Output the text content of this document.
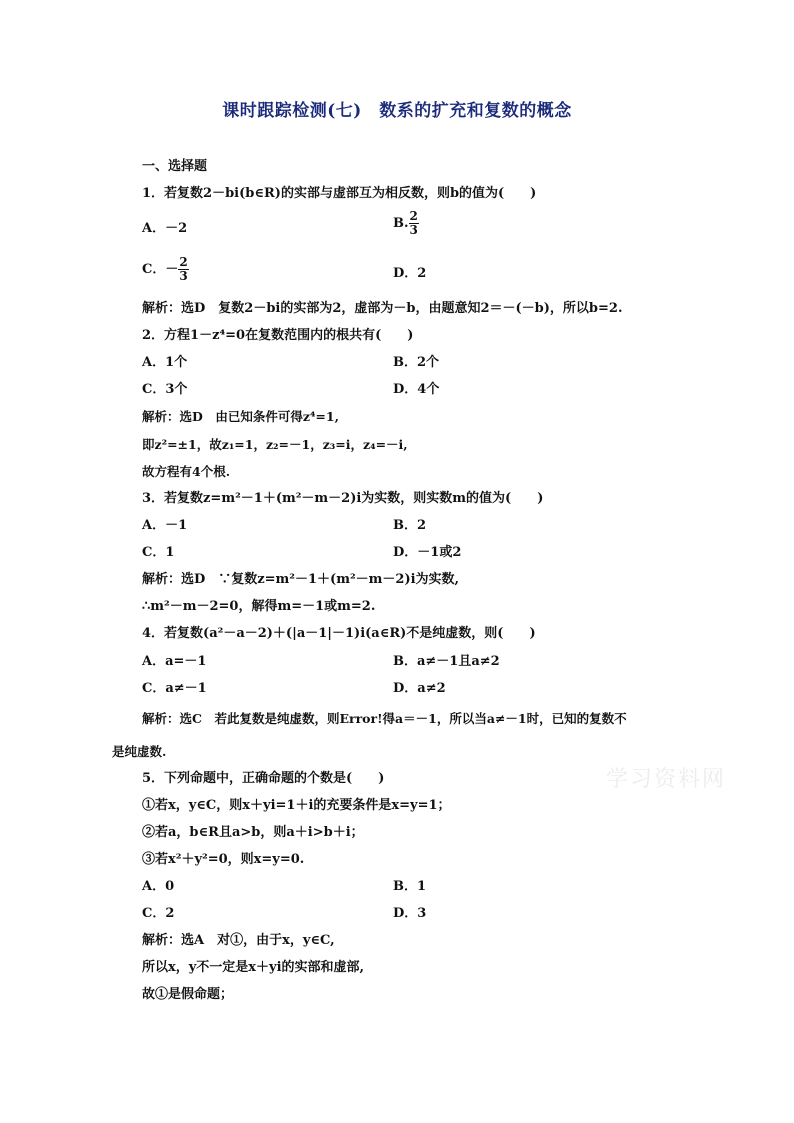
课时跟踪检测(七)　数系的扩充和复数的概念
一、选择题
1．若复数2－bi(b∈R)的实部与虚部互为相反数，则b的值为(　　)
A．－2	B. $\frac{2}{3}$
C．－ $\frac{2}{3}$	D．2
解析：选D　复数2－bi的实部为2，虚部为－b，由题意知2＝－(－b)，所以b=2.
2．方程1－z⁴=0在复数范围内的根共有(　　)
A．1个	B．2个
C．3个	D．4个
解析：选D　由已知条件可得z⁴=1,
即z²=±1，故z₁=1，z₂=－1，z₃=i，z₄=－i,
故方程有4个根.
3．若复数z=m²－1＋(m²－m－2)i为实数，则实数m的值为(　　)
A．－1	B．2
C．1	D．－1或2
解析：选D　∵复数z=m²－1＋(m²－m－2)i为实数,
∴m²－m－2=0，解得m=－1或m=2.
4．若复数(a²－a－2)＋(|a－1|－1)i(a∈R)不是纯虚数，则(　　)
A．a=－1	B．a≠－1且a≠2
C．a≠－1	D．a≠2
解析：选C　若此复数是纯虚数，则Error!得a＝－1，所以当a≠－1时，已知的复数不
是纯虚数.
学习资料网
5．下列命题中，正确命题的个数是(　　)
①若x，y∈C，则x＋yi=1＋i的充要条件是x=y=1；
②若a，b∈R且a>b，则a＋i>b＋i；
③若x²＋y²=0，则x=y=0.
A．0	B．1
C．2	D．3
解析：选A　对①，由于x，y∈C,
所以x，y不一定是x＋yi的实部和虚部,
故①是假命题；
